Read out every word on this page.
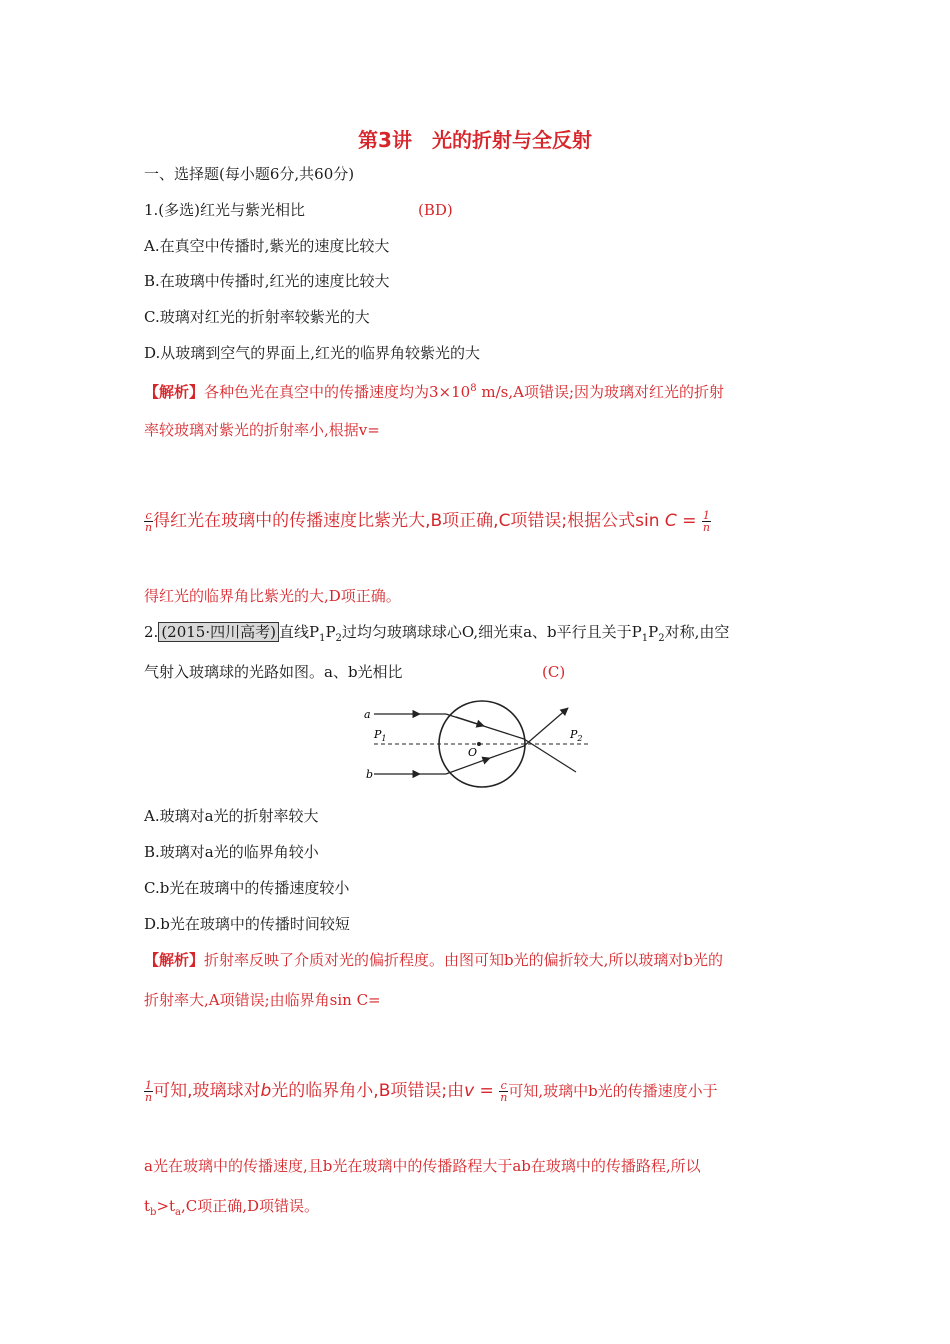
第3讲　光的折射与全反射
一、选择题(每小题6分,共60分)
1.(多选)红光与紫光相比	(BD)
A.在真空中传播时,紫光的速度比较大
B.在玻璃中传播时,红光的速度比较大
C.玻璃对红光的折射率较紫光的大
D.从玻璃到空气的界面上,红光的临界角较紫光的大
【解析】各种色光在真空中的传播速度均为$3\times 10^8$ m/s,A项错误;因为玻璃对红光的折射
率较玻璃对紫光的折射率小,根据v=
$\frac{c}{n}$ 得红光在玻璃中的传播速度比紫光大,B项正确,C项错误;根据公式$\sin C = \frac{1}{n}$
得红光的临界角比紫光的大,D项正确。
2. (2015·四川高考) 直线$P_1P_2$过均匀玻璃球球心O,细光束a、b平行且关于$P_1P_2$对称,由空
气射入玻璃球的光路如图。a、b光相比	(C)
a
b
$P_1$	$P_2$
O
A.玻璃对a光的折射率较大
B.玻璃对a光的临界角较小
C.b光在玻璃中的传播速度较小
D.b光在玻璃中的传播时间较短
【解析】折射率反映了介质对光的偏折程度。由图可知b光的偏折较大,所以玻璃对b光的
折射率大,A项错误;由临界角sin C=
$\frac{1}{n}$ 可知,玻璃球对b光的临界角小,B项错误;由$v = \frac{c}{n}$ 可知,玻璃中b光的传播速度小于
a光在玻璃中的传播速度,且b光在玻璃中的传播路程大于ab在玻璃中的传播路程,所以
$t_b>t_a,C$项正确,D项错误。
